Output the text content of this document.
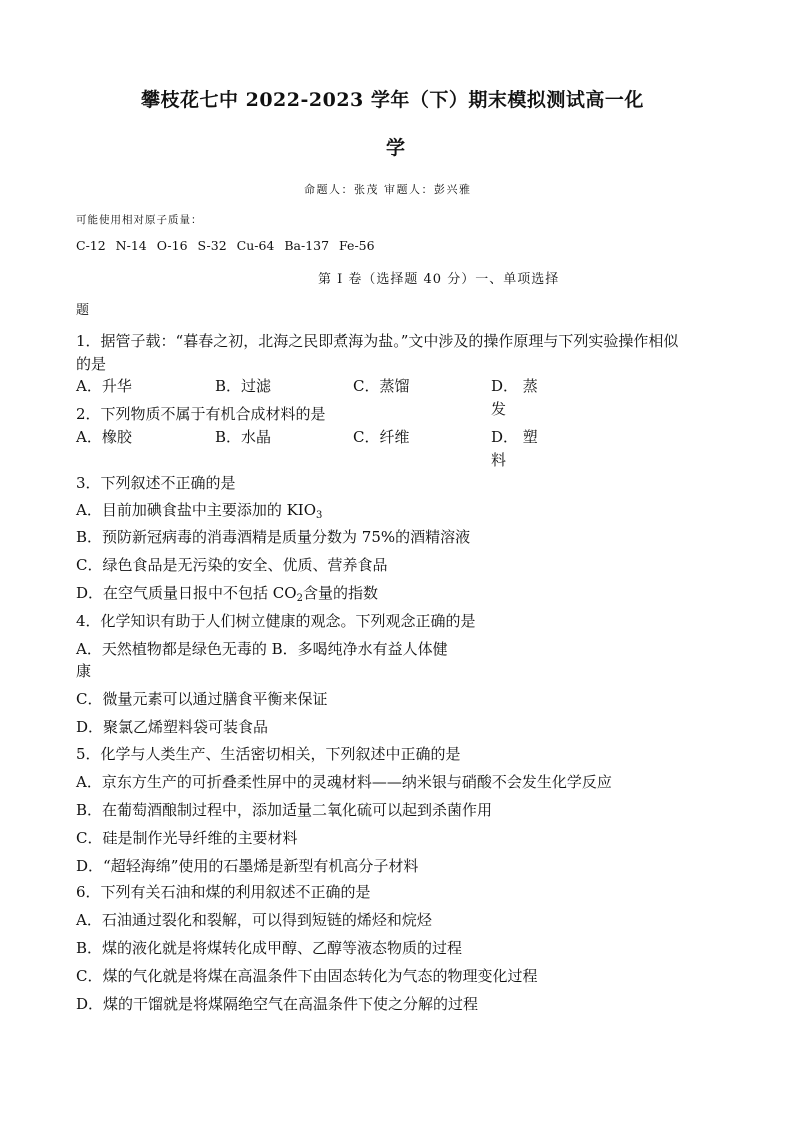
攀枝花七中 2022-2023 学年（下）期末模拟测试高一化
学
命题人：张茂 审题人：彭兴雅
可能使用相对原子质量：
C-12 N-14 O-16 S-32 Cu-64 Ba-137 Fe-56
第 I 卷（选择题 40 分）一、单项选择
题
1．据管子载：“暮春之初，北海之民即煮海为盐。”文中涉及的操作原理与下列实验操作相似
的是
A．升华	B．过滤	C．蒸馏	D． 蒸
发
2．下列物质不属于有机合成材料的是
A．橡胶	B．水晶	C．纤维	D． 塑
料
3．下列叙述不正确的是
A．目前加碘食盐中主要添加的 $KIO_3$
B．预防新冠病毒的消毒酒精是质量分数为 75%的酒精溶液
C．绿色食品是无污染的安全、优质、营养食品
D．在空气质量日报中不包括 $CO_2$含量的指数
4．化学知识有助于人们树立健康的观念。下列观念正确的是
A．天然植物都是绿色无毒的 B．多喝纯净水有益人体健
康
C．微量元素可以通过膳食平衡来保证
D．聚氯乙烯塑料袋可装食品
5．化学与人类生产、生活密切相关，下列叙述中正确的是
A．京东方生产的可折叠柔性屏中的灵魂材料——纳米银与硝酸不会发生化学反应
B．在葡萄酒酿制过程中，添加适量二氧化硫可以起到杀菌作用
C．硅是制作光导纤维的主要材料
D．“超轻海绵”使用的石墨烯是新型有机高分子材料
6．下列有关石油和煤的利用叙述不正确的是
A．石油通过裂化和裂解，可以得到短链的烯烃和烷烃
B．煤的液化就是将煤转化成甲醇、乙醇等液态物质的过程
C．煤的气化就是将煤在高温条件下由固态转化为气态的物理变化过程
D．煤的干馏就是将煤隔绝空气在高温条件下使之分解的过程
